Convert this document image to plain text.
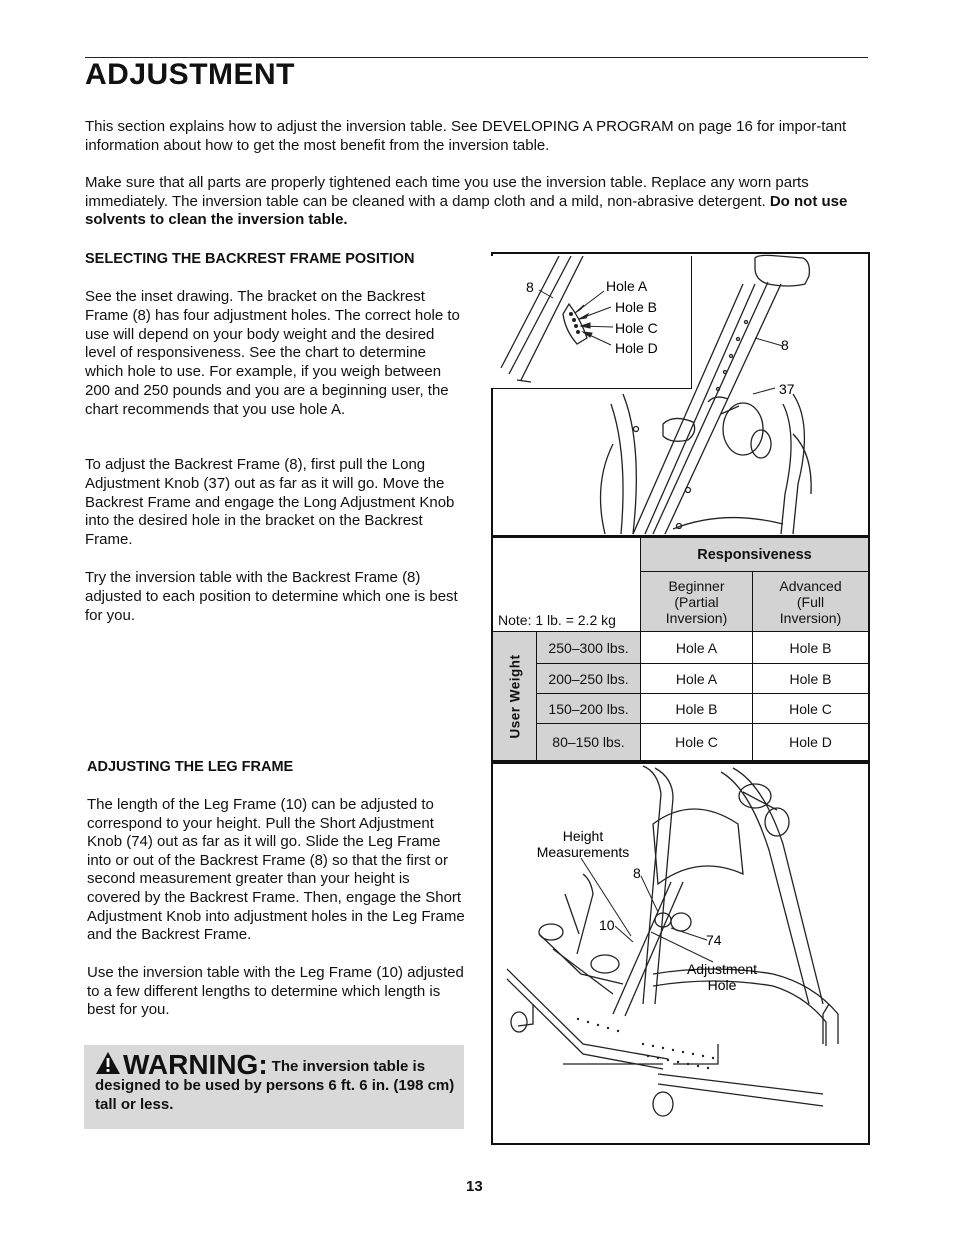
ADJUSTMENT
This section explains how to adjust the inversion table. See DEVELOPING A PROGRAM on page 16 for impor-tant information about how to get the most benefit from the inversion table.
Make sure that all parts are properly tightened each time you use the inversion table. Replace any worn parts immediately. The inversion table can be cleaned with a damp cloth and a mild, non-abrasive detergent. Do not use solvents to clean the inversion table.
SELECTING THE BACKREST FRAME POSITION
See the inset drawing. The bracket on the Backrest Frame (8) has four adjustment holes. The correct hole to use will depend on your body weight and the desired level of responsiveness. See the chart to determine which hole to use. For example, if you weigh between 200 and 250 pounds and you are a beginning user, the chart recommends that you use hole A.
To adjust the Backrest Frame (8), first pull the Long Adjustment Knob (37) out as far as it will go. Move the Backrest Frame and engage the Long Adjustment Knob into the desired hole in the bracket on the Backrest Frame.
Try the inversion table with the Backrest Frame (8) adjusted to each position to determine which one is best for you.
ADJUSTING THE LEG FRAME
The length of the Leg Frame (10) can be adjusted to correspond to your height. Pull the Short Adjustment Knob (74) out as far as it will go. Slide the Leg Frame into or out of the Backrest Frame (8) so that the first or second measurement greater than your height is covered by the Backrest Frame. Then, engage the Short Adjustment Knob into adjustment holes in the Leg Frame and the Backrest Frame.
Use the inversion table with the Leg Frame (10) adjusted to a few different lengths to determine which length is best for you.
WARNING: The inversion table is designed to be used by persons 6 ft. 6 in. (198 cm) tall or less.
8
37
8	Hole A
Hole B
Hole C
Hole D
Note: 1 lb. = 2.2 kg
Responsiveness
Beginner
(Partial
Inversion)
Advanced
(Full
Inversion)
User Weight
250–300 lbs.	Hole A	Hole B
200–250 lbs.	Hole A	Hole B
150–200 lbs.	Hole B	Hole C
80–150 lbs.	Hole C	Hole D
Height
Measurements
8
10
74
Adjustment
Hole
13
